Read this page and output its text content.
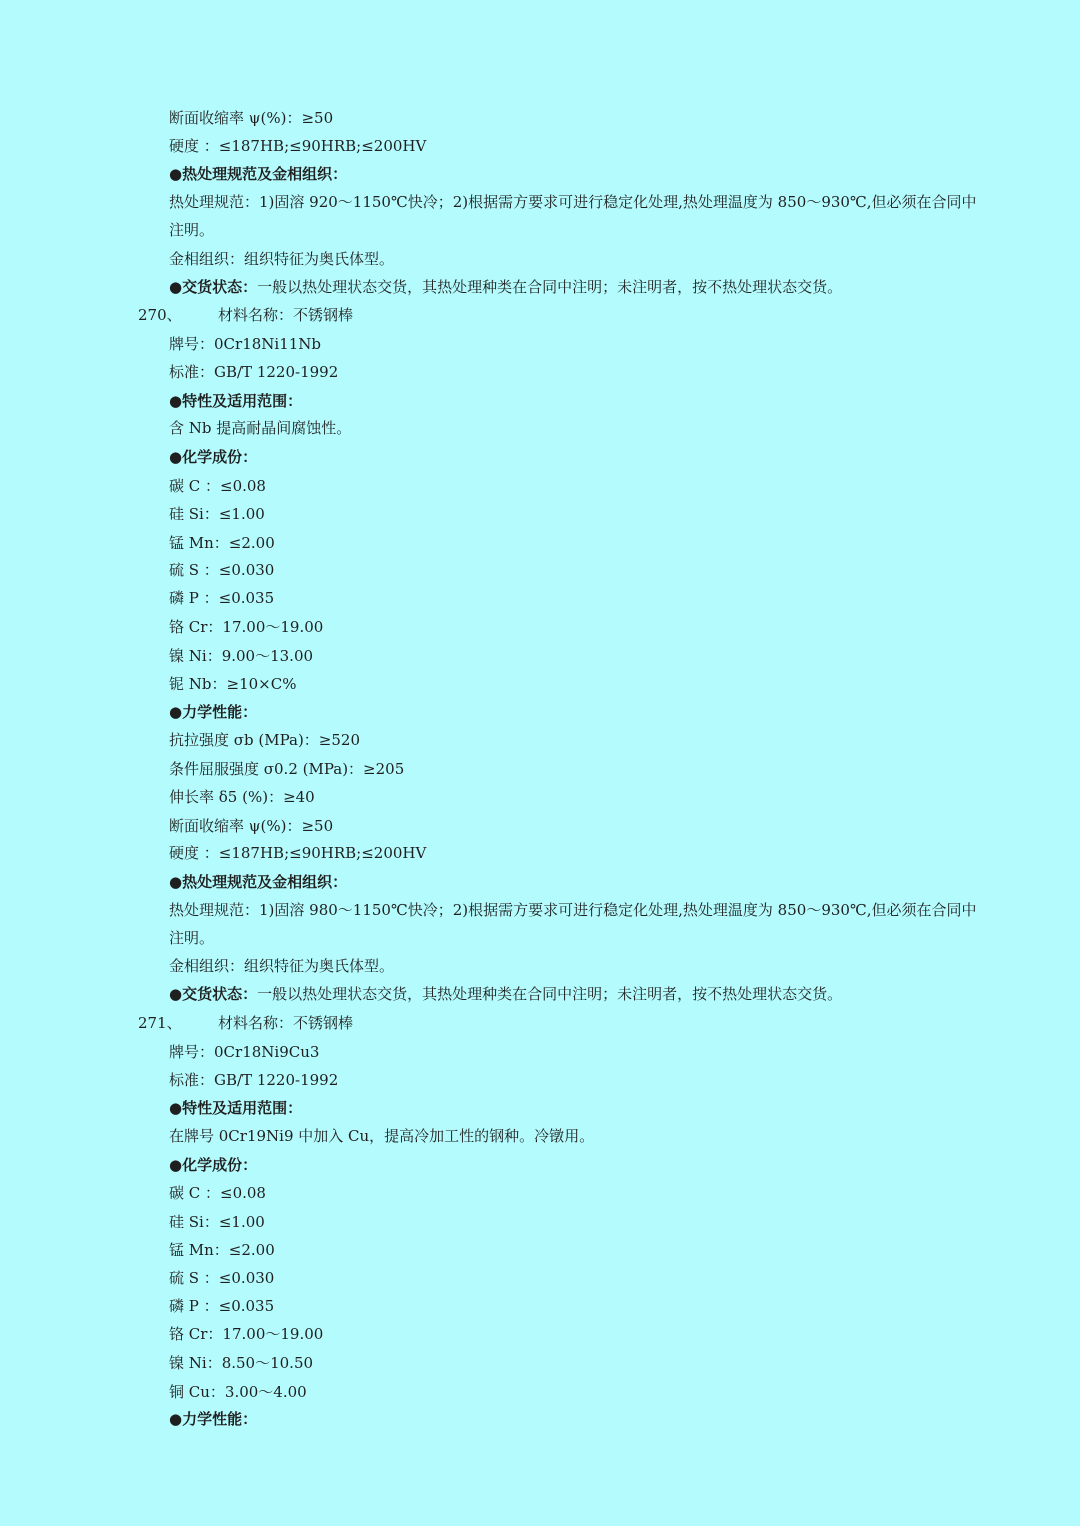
断面收缩率 ψ(%)：≥50
硬度 ：≤187HB;≤90HRB;≤200HV
●热处理规范及金相组织：
热处理规范：1)固溶 920～1150℃快冷；2)根据需方要求可进行稳定化处理,热处理温度为 850～930℃,但必须在合同中
注明。
金相组织：组织特征为奥氏体型。
●交货状态：一般以热处理状态交货，其热处理种类在合同中注明；未注明者，按不热处理状态交货。
270、 材料名称：不锈钢棒
牌号：0Cr18Ni11Nb
标准：GB/T 1220-1992
●特性及适用范围：
含 Nb 提高耐晶间腐蚀性。
●化学成份：
碳 C ：≤0.08
硅 Si：≤1.00
锰 Mn：≤2.00
硫 S ：≤0.030
磷 P ：≤0.035
铬 Cr：17.00～19.00
镍 Ni：9.00～13.00
铌 Nb：≥10×C%
●力学性能：
抗拉强度 σb (MPa)：≥520
条件屈服强度 σ0.2 (MPa)：≥205
伸长率 δ5 (%)：≥40
断面收缩率 ψ(%)：≥50
硬度 ：≤187HB;≤90HRB;≤200HV
●热处理规范及金相组织：
热处理规范：1)固溶 980～1150℃快冷；2)根据需方要求可进行稳定化处理,热处理温度为 850～930℃,但必须在合同中
注明。
金相组织：组织特征为奥氏体型。
●交货状态：一般以热处理状态交货，其热处理种类在合同中注明；未注明者，按不热处理状态交货。
271、 材料名称：不锈钢棒
牌号：0Cr18Ni9Cu3
标准：GB/T 1220-1992
●特性及适用范围：
在牌号 0Cr19Ni9 中加入 Cu，提高冷加工性的钢种。冷镦用。
●化学成份：
碳 C ：≤0.08
硅 Si：≤1.00
锰 Mn：≤2.00
硫 S ：≤0.030
磷 P ：≤0.035
铬 Cr：17.00～19.00
镍 Ni：8.50～10.50
铜 Cu：3.00～4.00
●力学性能：
